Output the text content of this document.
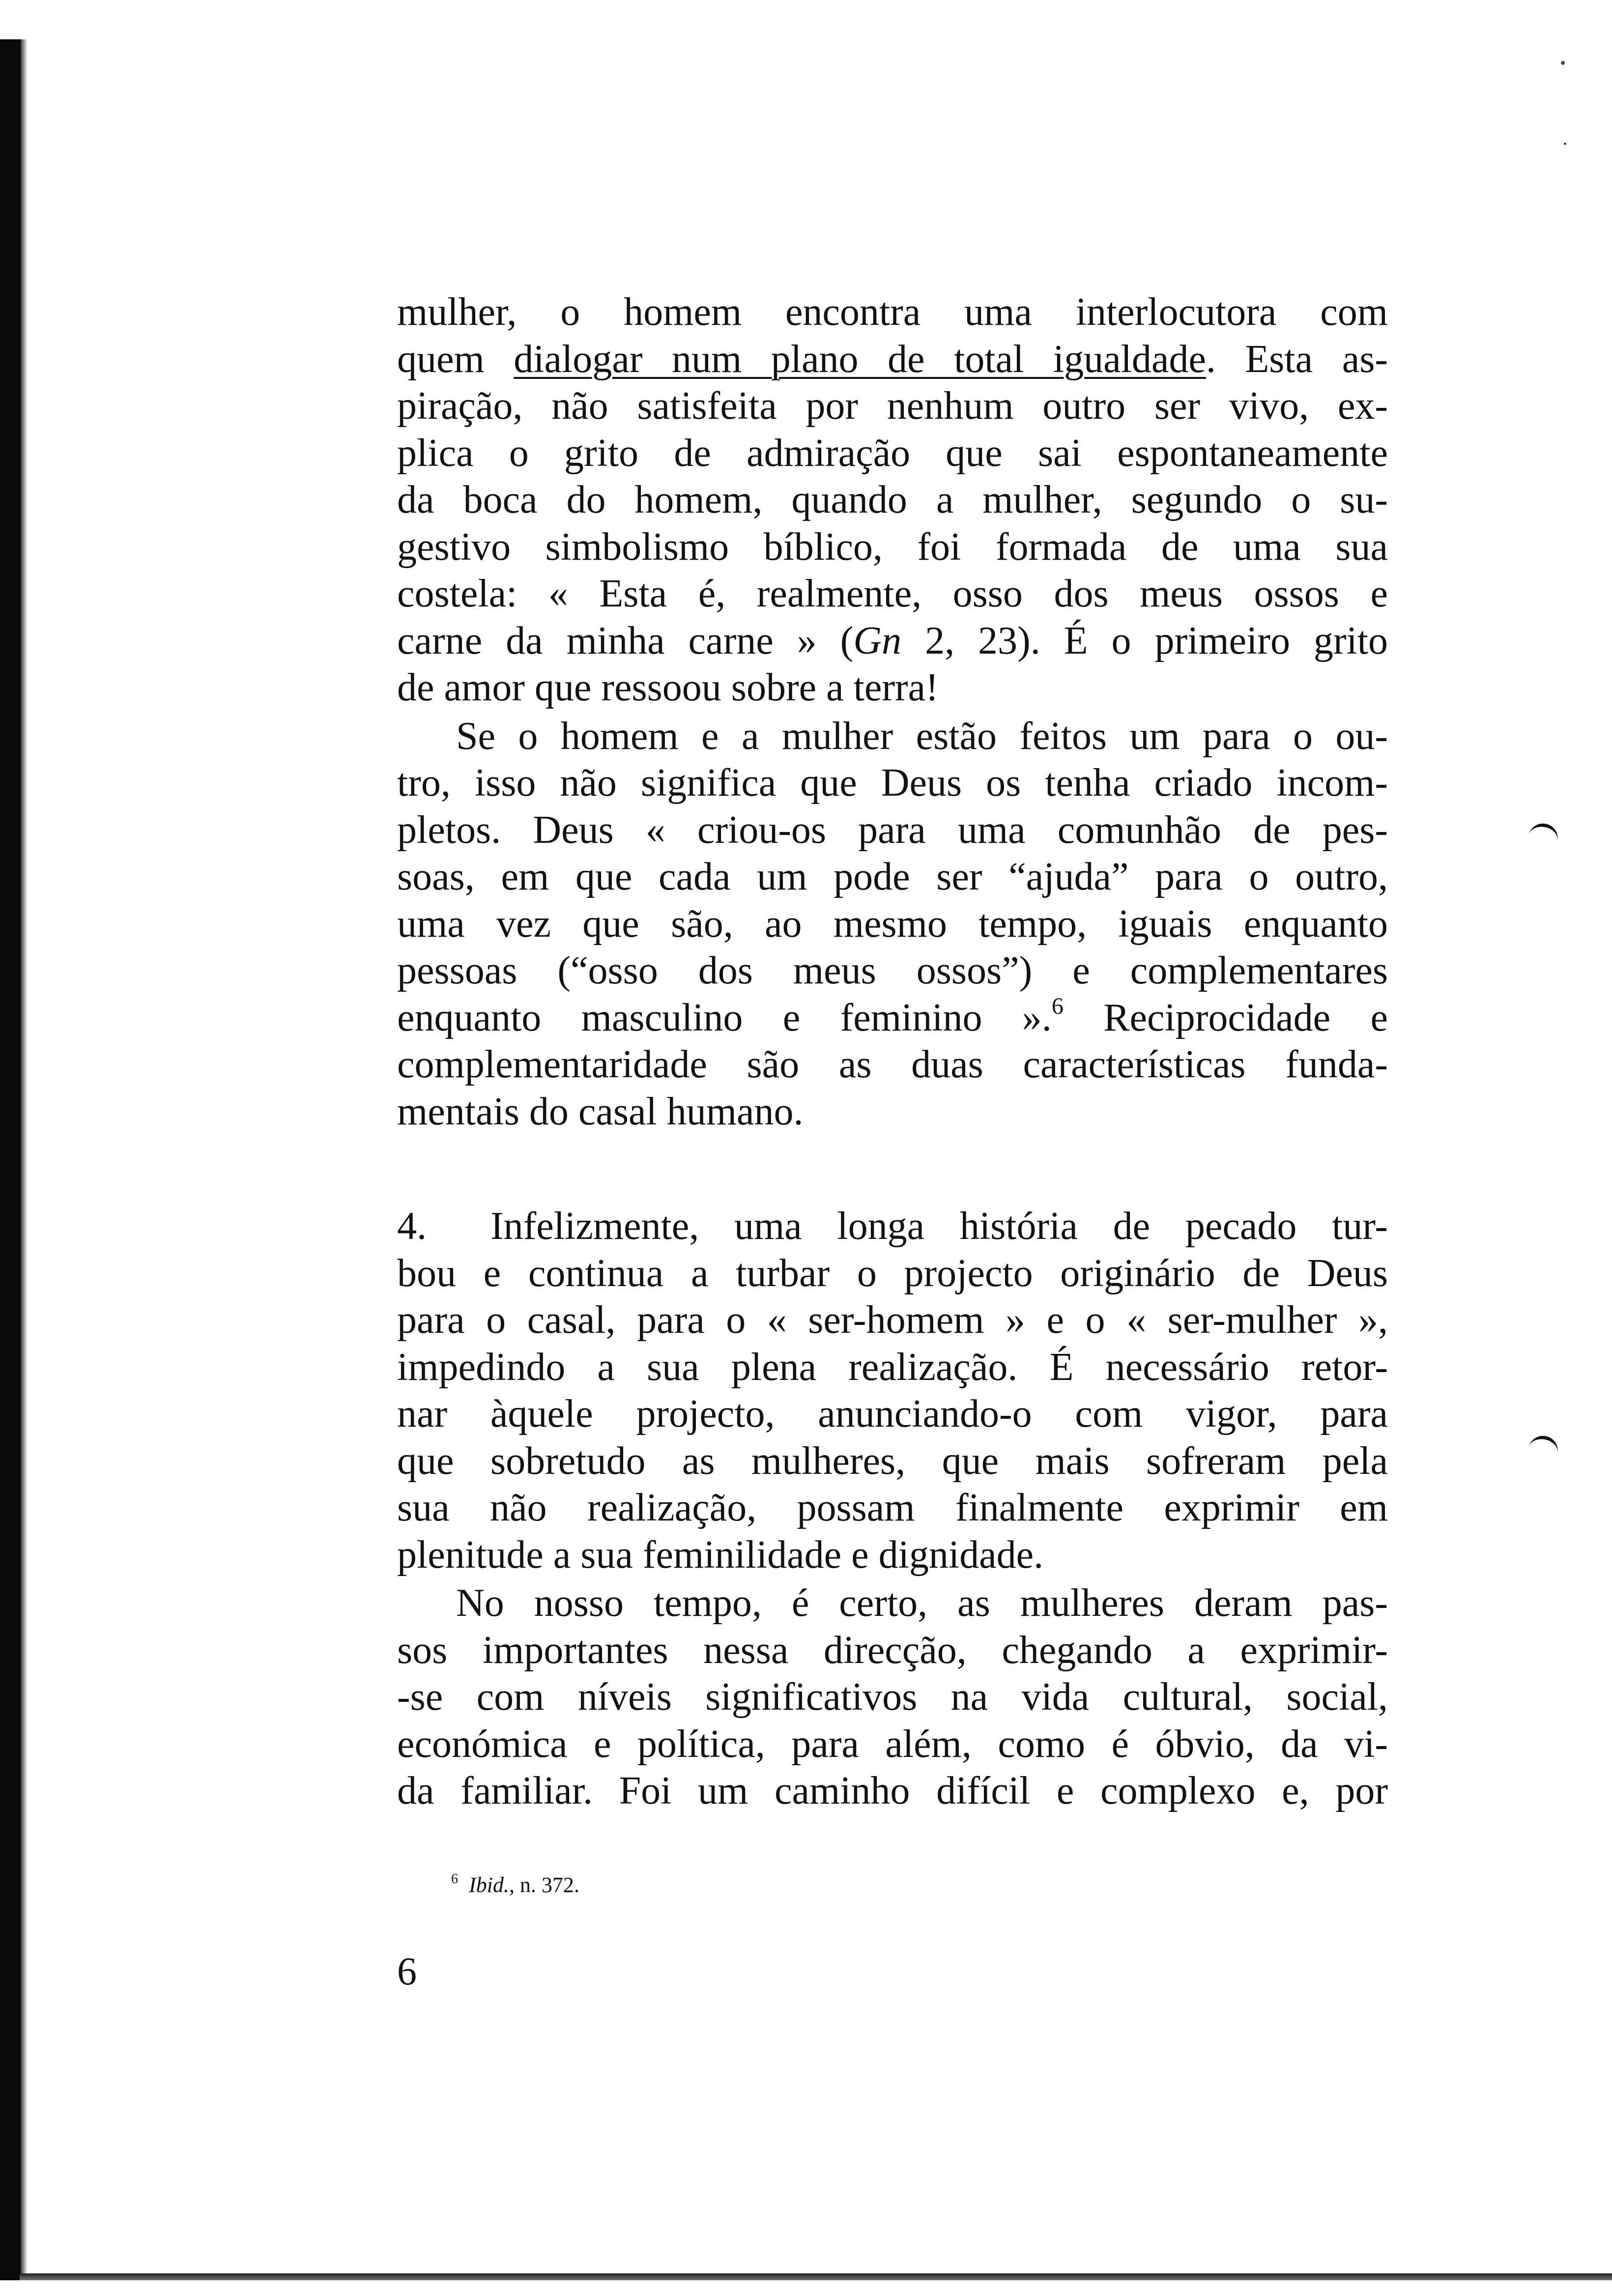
mulher, o homem encontra uma interlocutora com
quem dialogar num plano de total igualdade. Esta as-
piração, não satisfeita por nenhum outro ser vivo, ex-
plica o grito de admiração que sai espontaneamente
da boca do homem, quando a mulher, segundo o su-
gestivo simbolismo bíblico, foi formada de uma sua
costela: « Esta é, realmente, osso dos meus ossos e
carne da minha carne » (Gn 2, 23). É o primeiro grito
de amor que ressoou sobre a terra!
Se o homem e a mulher estão feitos um para o ou-
tro, isso não significa que Deus os tenha criado incom-
pletos. Deus « criou-os para uma comunhão de pes-
soas, em que cada um pode ser “ajuda” para o outro,
uma vez que são, ao mesmo tempo, iguais enquanto
pessoas (“osso dos meus ossos”) e complementares
enquanto masculino e feminino ».$^6$ Reciprocidade e
complementaridade são as duas características funda-
mentais do casal humano.
4. Infelizmente, uma longa história de pecado tur-
bou e continua a turbar o projecto originário de Deus
para o casal, para o « ser-homem » e o « ser-mulher »,
impedindo a sua plena realização. É necessário retor-
nar àquele projecto, anunciando-o com vigor, para
que sobretudo as mulheres, que mais sofreram pela
sua não realização, possam finalmente exprimir em
plenitude a sua feminilidade e dignidade.
No nosso tempo, é certo, as mulheres deram pas-
sos importantes nessa direcção, chegando a exprimir-
-se com níveis significativos na vida cultural, social,
económica e política, para além, como é óbvio, da vi-
da familiar. Foi um caminho difícil e complexo e, por
$^6$ Ibid., n. 372.
6
